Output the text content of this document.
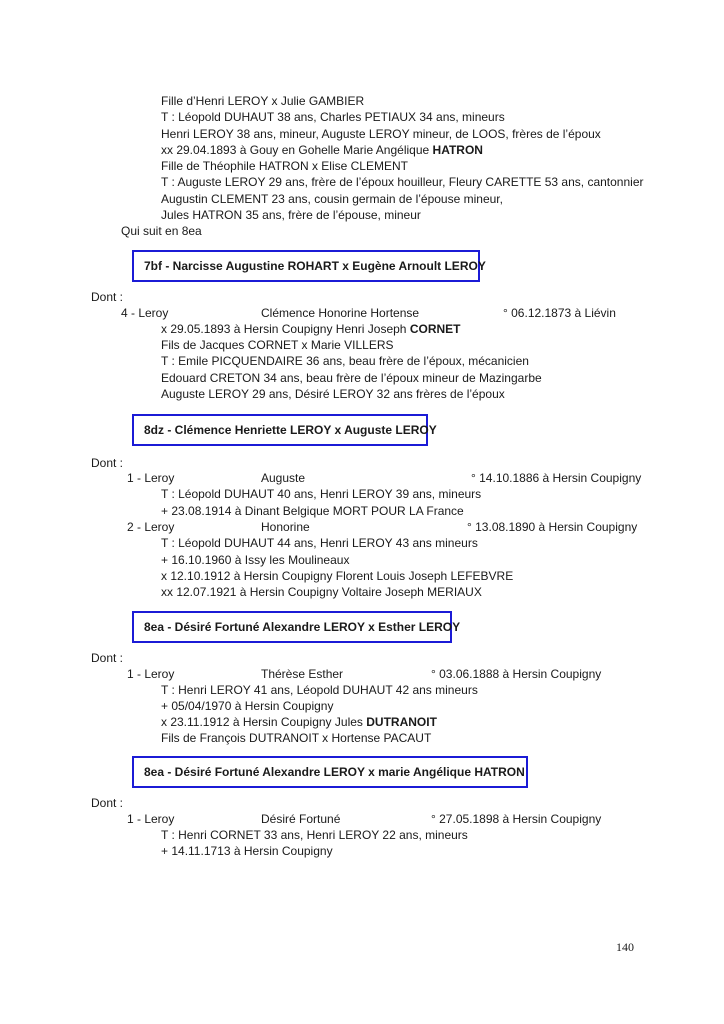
Fille d’Henri LEROY x Julie GAMBIER
T : Léopold DUHAUT 38 ans, Charles PETIAUX 34 ans, mineurs
Henri LEROY 38 ans, mineur, Auguste LEROY mineur, de LOOS, frères de l’époux
xx 29.04.1893 à Gouy en Gohelle Marie Angélique HATRON
Fille de Théophile HATRON x Elise CLEMENT
T : Auguste LEROY 29 ans, frère de l’époux houilleur, Fleury CARETTE 53 ans, cantonnier
Augustin CLEMENT 23 ans, cousin germain de l’épouse mineur,
Jules HATRON 35 ans, frère de l’épouse, mineur
Qui suit en 8ea
7bf - Narcisse Augustine ROHART x Eugène Arnoult LEROY
Dont :
4 - Leroy	Clémence Honorine Hortense	° 06.12.1873 à Liévin
x 29.05.1893 à Hersin Coupigny Henri Joseph CORNET
Fils de Jacques CORNET x Marie VILLERS
T : Emile PICQUENDAIRE 36 ans, beau frère de l’époux, mécanicien
Edouard CRETON 34 ans, beau frère de l’époux mineur de Mazingarbe
Auguste LEROY 29 ans, Désiré LEROY 32 ans frères de l’époux
8dz - Clémence Henriette LEROY x Auguste LEROY
Dont :
1 - Leroy	Auguste	° 14.10.1886 à Hersin Coupigny
T : Léopold DUHAUT 40 ans, Henri LEROY 39 ans, mineurs
+ 23.08.1914 à Dinant Belgique MORT POUR LA France
2 - Leroy	Honorine	° 13.08.1890 à Hersin Coupigny
T : Léopold DUHAUT 44 ans, Henri LEROY 43 ans mineurs
+ 16.10.1960 à Issy les Moulineaux
x 12.10.1912 à Hersin Coupigny Florent Louis Joseph LEFEBVRE
xx 12.07.1921 à Hersin Coupigny Voltaire Joseph MERIAUX
8ea - Désiré Fortuné Alexandre LEROY x Esther LEROY
Dont :
1 - Leroy	Thérèse Esther	° 03.06.1888 à Hersin Coupigny
T : Henri LEROY 41 ans, Léopold DUHAUT 42 ans mineurs
+ 05/04/1970 à Hersin Coupigny
x 23.11.1912 à Hersin Coupigny Jules DUTRANOIT
Fils de François DUTRANOIT x Hortense PACAUT
8ea - Désiré Fortuné Alexandre LEROY x marie Angélique HATRON
Dont :
1 - Leroy	Désiré Fortuné	° 27.05.1898 à Hersin Coupigny
T : Henri CORNET 33 ans, Henri LEROY 22 ans, mineurs
+ 14.11.1713 à Hersin Coupigny
140
